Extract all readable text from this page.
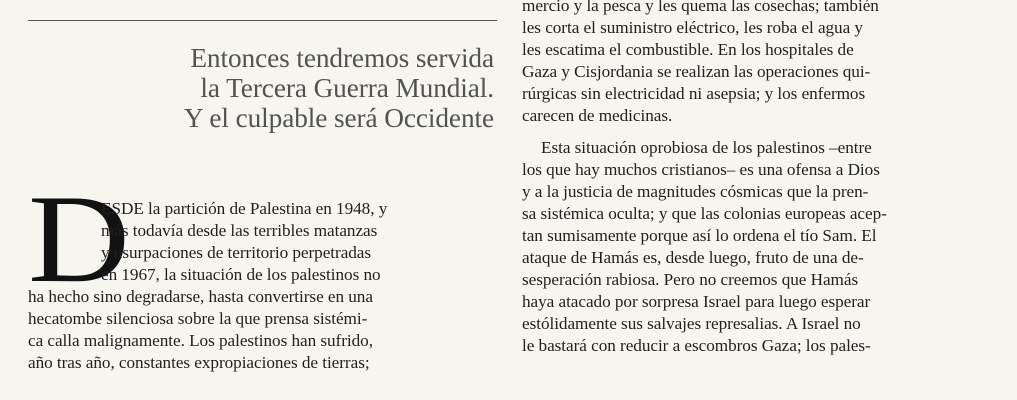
Entonces tendremos servida
la Tercera Guerra Mundial.
Y el culpable será Occidente
D
ESDE la partición de Palestina en 1948, y
más todavía desde las terribles matanzas
y usurpaciones de territorio perpetradas
en 1967, la situación de los palestinos no
ha hecho sino degradarse, hasta convertirse en una
hecatombe silenciosa sobre la que prensa sistémi-
ca calla malignamente. Los palestinos han sufrido,
año tras año, constantes expropiaciones de tierras;
mercio y la pesca y les quema las cosechas; también
les corta el suministro eléctrico, les roba el agua y
les escatima el combustible. En los hospitales de
Gaza y Cisjordania se realizan las operaciones qui-
rúrgicas sin electricidad ni asepsia; y los enfermos
carecen de medicinas.
Esta situación oprobiosa de los palestinos –entre
los que hay muchos cristianos– es una ofensa a Dios
y a la justicia de magnitudes cósmicas que la pren-
sa sistémica oculta; y que las colonias europeas acep-
tan sumisamente porque así lo ordena el tío Sam. El
ataque de Hamás es, desde luego, fruto de una de-
sesperación rabiosa. Pero no creemos que Hamás
haya atacado por sorpresa Israel para luego esperar
estólidamente sus salvajes represalias. A Israel no
le bastará con reducir a escombros Gaza; los pales-
